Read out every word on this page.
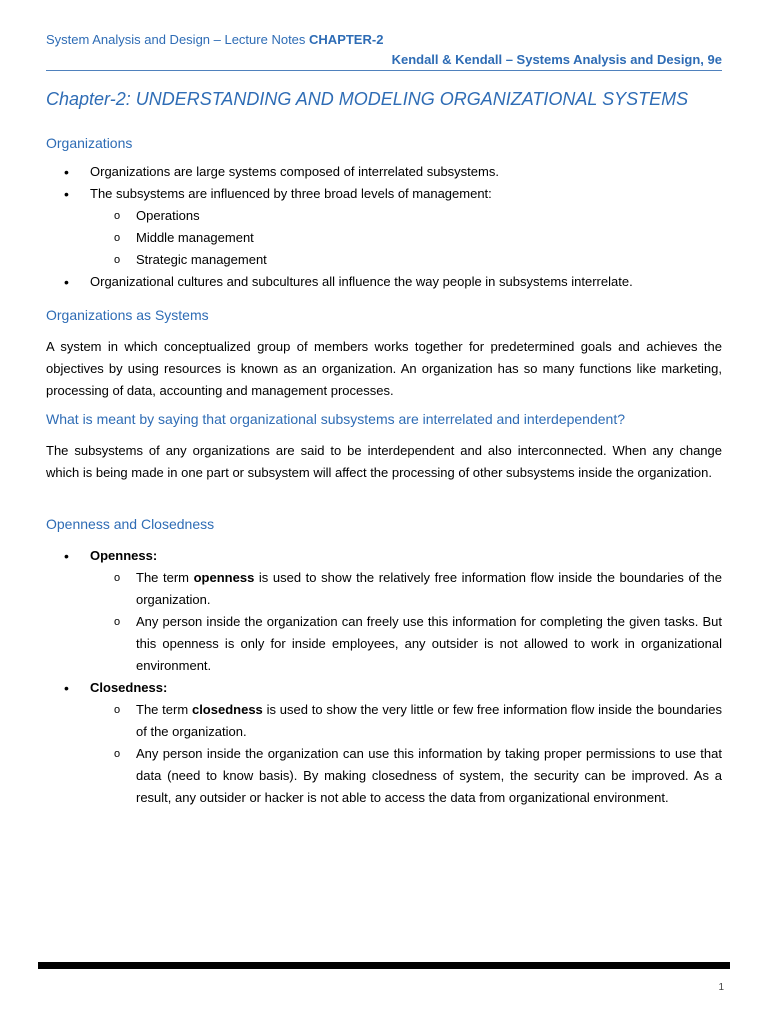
System Analysis and Design – Lecture Notes CHAPTER-2
Kendall & Kendall – Systems Analysis and Design, 9e
Chapter-2: UNDERSTANDING AND MODELING ORGANIZATIONAL SYSTEMS
Organizations
• Organizations are large systems composed of interrelated subsystems.
• The subsystems are influenced by three broad levels of management:
o Operations
o Middle management
o Strategic management
• Organizational cultures and subcultures all influence the way people in subsystems interrelate.
Organizations as Systems

A system in which conceptualized group of members works together for predetermined goals and achieves the objectives by using resources is known as an organization. An organization has so many functions like marketing, processing of data, accounting and management processes.

What is meant by saying that organizational subsystems are interrelated and interdependent?

The subsystems of any organizations are said to be interdependent and also interconnected. When any change which is being made in one part or subsystem will affect the processing of other subsystems inside the organization.

Openness and Closedness
• Openness:
o The term openness is used to show the relatively free information flow inside the boundaries of the organization.
o Any person inside the organization can freely use this information for completing the given tasks. But this openness is only for inside employees, any outsider is not allowed to work in organizational environment.
• Closedness:
o The term closedness is used to show the very little or few free information flow inside the boundaries of the organization.
o Any person inside the organization can use this information by taking proper permissions to use that data (need to know basis). By making closedness of system, the security can be improved. As a result, any outsider or hacker is not able to access the data from organizational environment.
1
